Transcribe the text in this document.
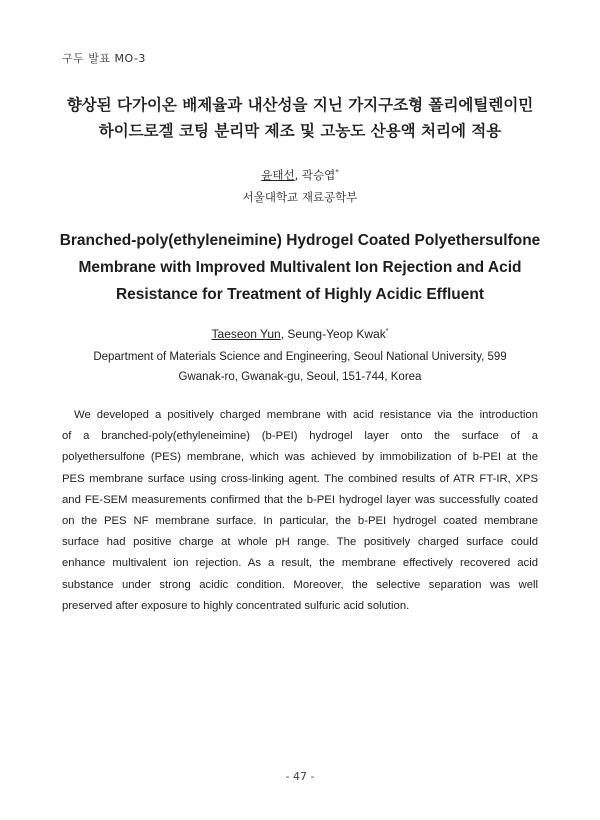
구두 발표 MO-3
향상된 다가이온 배제율과 내산성을 지닌 가지구조형 폴리에틸렌이민
하이드로겔 코팅 분리막 제조 및 고농도 산용액 처리에 적용
윤태선, 곽승엽*
서울대학교 재료공학부
Branched-poly(ethyleneimine) Hydrogel Coated Polyethersulfone
Membrane with Improved Multivalent Ion Rejection and Acid
Resistance for Treatment of Highly Acidic Effluent
Taeseon Yun, Seung-Yeop Kwak*
Department of Materials Science and Engineering, Seoul National University, 599
Gwanak-ro, Gwanak-gu, Seoul, 151-744, Korea
We developed a positively charged membrane with acid resistance via the introduction
of a branched-poly(ethyleneimine) (b-PEI) hydrogel layer onto the surface of a
polyethersulfone (PES) membrane, which was achieved by immobilization of b-PEI at the
PES membrane surface using cross-linking agent. The combined results of ATR FT-IR, XPS
and FE-SEM measurements confirmed that the b-PEI hydrogel layer was successfully coated
on the PES NF membrane surface. In particular, the b-PEI hydrogel coated membrane
surface had positive charge at whole pH range. The positively charged surface could
enhance multivalent ion rejection. As a result, the membrane effectively recovered acid
substance under strong acidic condition. Moreover, the selective separation was well
preserved after exposure to highly concentrated sulfuric acid solution.
- 47 -
